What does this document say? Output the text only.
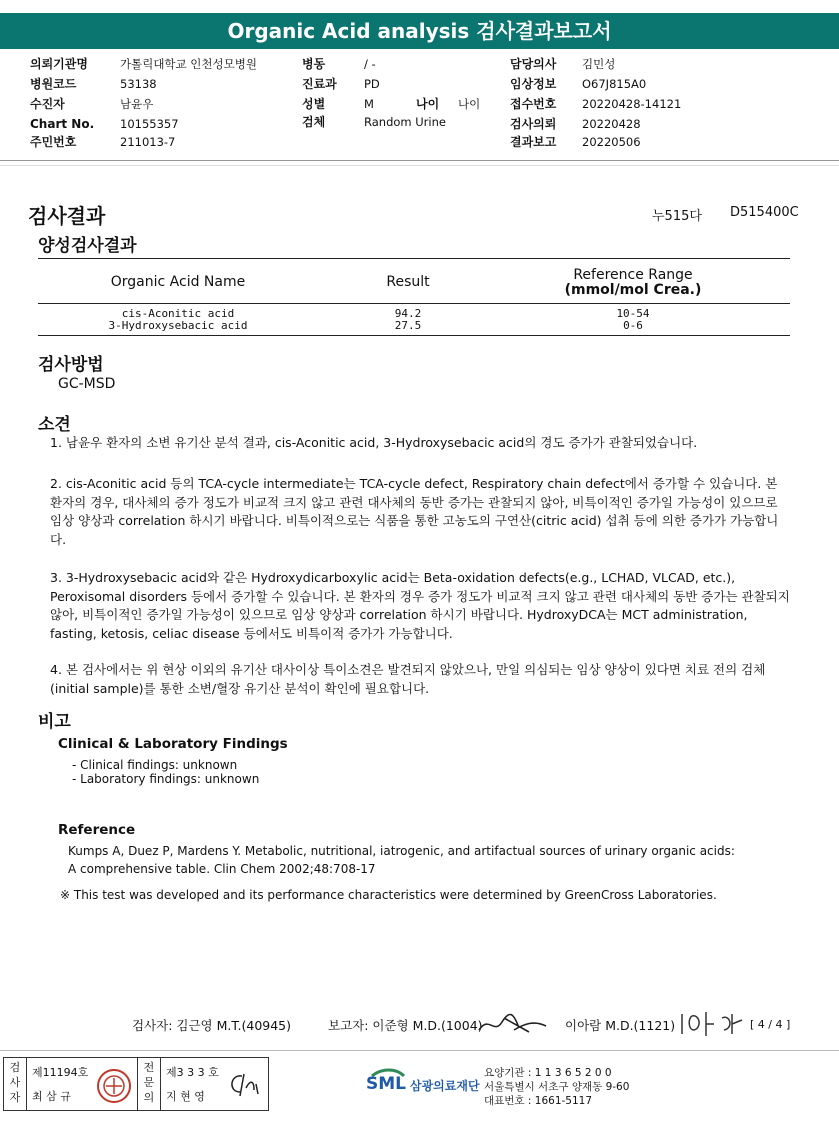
Organic Acid analysis 검사결과보고서
의뢰기관명	가톨릭대학교 인천성모병원
병원코드	53138
수진자	남윤우
Chart No. 10155357
주민번호	211013-7
병동	/ -
진료과 PD
성별	M	나이 나이
검체	Random Urine
담당의사 김민성
임상정보 O67J815A0
접수번호 20220428-14121
검사의뢰 20220428
결과보고 20220506
검사결과	누515다 D515400C
양성검사결과
Organic Acid Name	Result	Reference Range
(mmol/mol Crea.)
cis-Aconitic acid	94.2	10-54
3-Hydroxysebacic acid	27.5	0-6
검사방법
GC-MSD
소견
1. 남윤우 환자의 소변 유기산 분석 결과, cis-Aconitic acid, 3-Hydroxysebacic acid의 경도 증가가 관찰되었습니다.
2. cis-Aconitic acid 등의 TCA-cycle intermediate는 TCA-cycle defect, Respiratory chain defect에서 증가할 수 있습니다. 본 환자의 경우, 대사체의 증가 정도가 비교적 크지 않고 관련 대사체의 동반 증가는 관찰되지 않아, 비특이적인 증가일 가능성이 있으므로 임상 양상과 correlation 하시기 바랍니다. 비특이적으로는 식품을 통한 고농도의 구연산(citric acid) 섭취 등에 의한 증가가 가능합니다.
3. 3-Hydroxysebacic acid와 같은 Hydroxydicarboxylic acid는 Beta-oxidation defects(e.g., LCHAD, VLCAD, etc.), Peroxisomal disorders 등에서 증가할 수 있습니다. 본 환자의 경우 증가 정도가 비교적 크지 않고 관련 대사체의 동반 증가는 관찰되지 않아, 비특이적인 증가일 가능성이 있으므로 임상 양상과 correlation 하시기 바랍니다. HydroxyDCA는 MCT administration, fasting, ketosis, celiac disease 등에서도 비특이적 증가가 가능합니다.
4. 본 검사에서는 위 현상 이외의 유기산 대사이상 특이소견은 발견되지 않았으나, 만일 의심되는 임상 양상이 있다면 치료 전의 검체 (initial sample)를 통한 소변/혈장 유기산 분석이 확인에 필요합니다.
비고
Clinical & Laboratory Findings
- Clinical findings: unknown
- Laboratory findings: unknown
Reference
Kumps A, Duez P, Mardens Y. Metabolic, nutritional, iatrogenic, and artifactual sources of urinary organic acids:
A comprehensive table. Clin Chem 2002;48:708-17
※ This test was developed and its performance characteristics were determined by GreenCross Laboratories.
검사자: 김근영 M.T.(40945)	보고자: 이준형 M.D.(1004)	이아람 M.D.(1121)	[ 4 / 4 ]
검사자
제11194호
최 삼 규
전문의
제3 3 3 호
지 현 영
SML 삼광의료재단
요양기관 : 1 1 3 6 5 2 0 0
서울특별시 서초구 양재동 9-60
대표번호 : 1661-5117
